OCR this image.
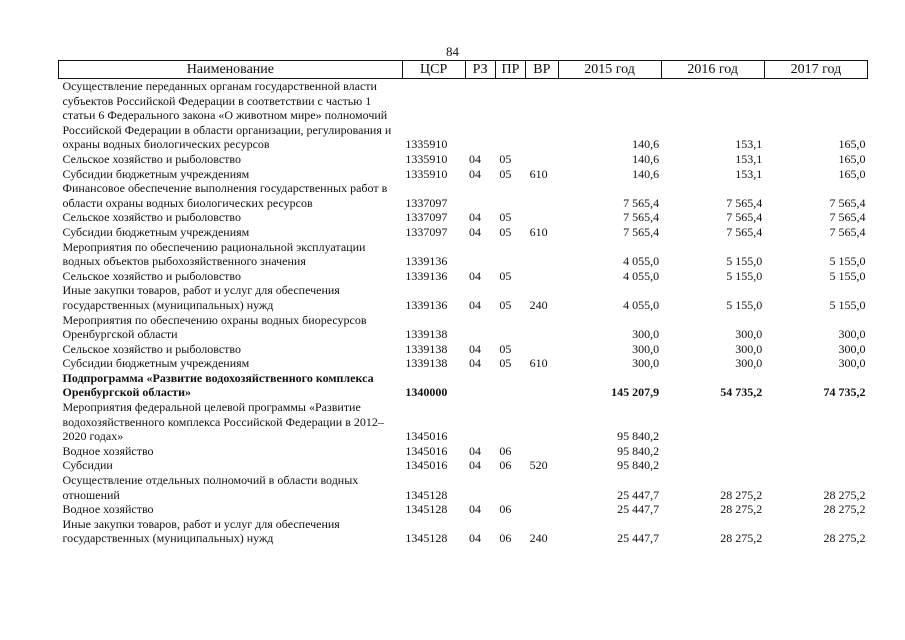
84
Наименование	ЦСР	РЗ	ПР	ВР	2015 год	2016 год	2017 год
Осуществление переданных органам государственной власти субъектов Российской Федерации в соответствии с частью 1 статьи 6 Федерального закона «О животном мире» полномочий Российской Федерации в области организации, регулирования и охраны водных биологических ресурсов	1335910				140,6	153,1	165,0
Сельское хозяйство и рыболовство	1335910	04	05		140,6	153,1	165,0
Субсидии бюджетным учреждениям	1335910	04	05	610	140,6	153,1	165,0
Финансовое обеспечение выполнения государственных работ в области охраны водных биологических ресурсов	1337097				7 565,4	7 565,4	7 565,4
Сельское хозяйство и рыболовство	1337097	04	05		7 565,4	7 565,4	7 565,4
Субсидии бюджетным учреждениям	1337097	04	05	610	7 565,4	7 565,4	7 565,4
Мероприятия по обеспечению рациональной эксплуатации водных объектов рыбохозяйственного значения	1339136				4 055,0	5 155,0	5 155,0
Сельское хозяйство и рыболовство	1339136	04	05		4 055,0	5 155,0	5 155,0
Иные закупки товаров, работ и услуг для обеспечения государственных (муниципальных) нужд	1339136	04	05	240	4 055,0	5 155,0	5 155,0
Мероприятия по обеспечению охраны водных биоресурсов Оренбургской области	1339138				300,0	300,0	300,0
Сельское хозяйство и рыболовство	1339138	04	05		300,0	300,0	300,0
Субсидии бюджетным учреждениям	1339138	04	05	610	300,0	300,0	300,0
Подпрограмма «Развитие водохозяйственного комплекса Оренбургской области»	1340000				145 207,9	54 735,2	74 735,2
Мероприятия федеральной целевой программы «Развитие водохозяйственного комплекса Российской Федерации в 2012–2020 годах»	1345016				95 840,2		
Водное хозяйство	1345016	04	06		95 840,2		
Субсидии	1345016	04	06	520	95 840,2		
Осуществление отдельных полномочий в области водных отношений	1345128				25 447,7	28 275,2	28 275,2
Водное хозяйство	1345128	04	06		25 447,7	28 275,2	28 275,2
Иные закупки товаров, работ и услуг для обеспечения государственных (муниципальных) нужд	1345128	04	06	240	25 447,7	28 275,2	28 275,2
